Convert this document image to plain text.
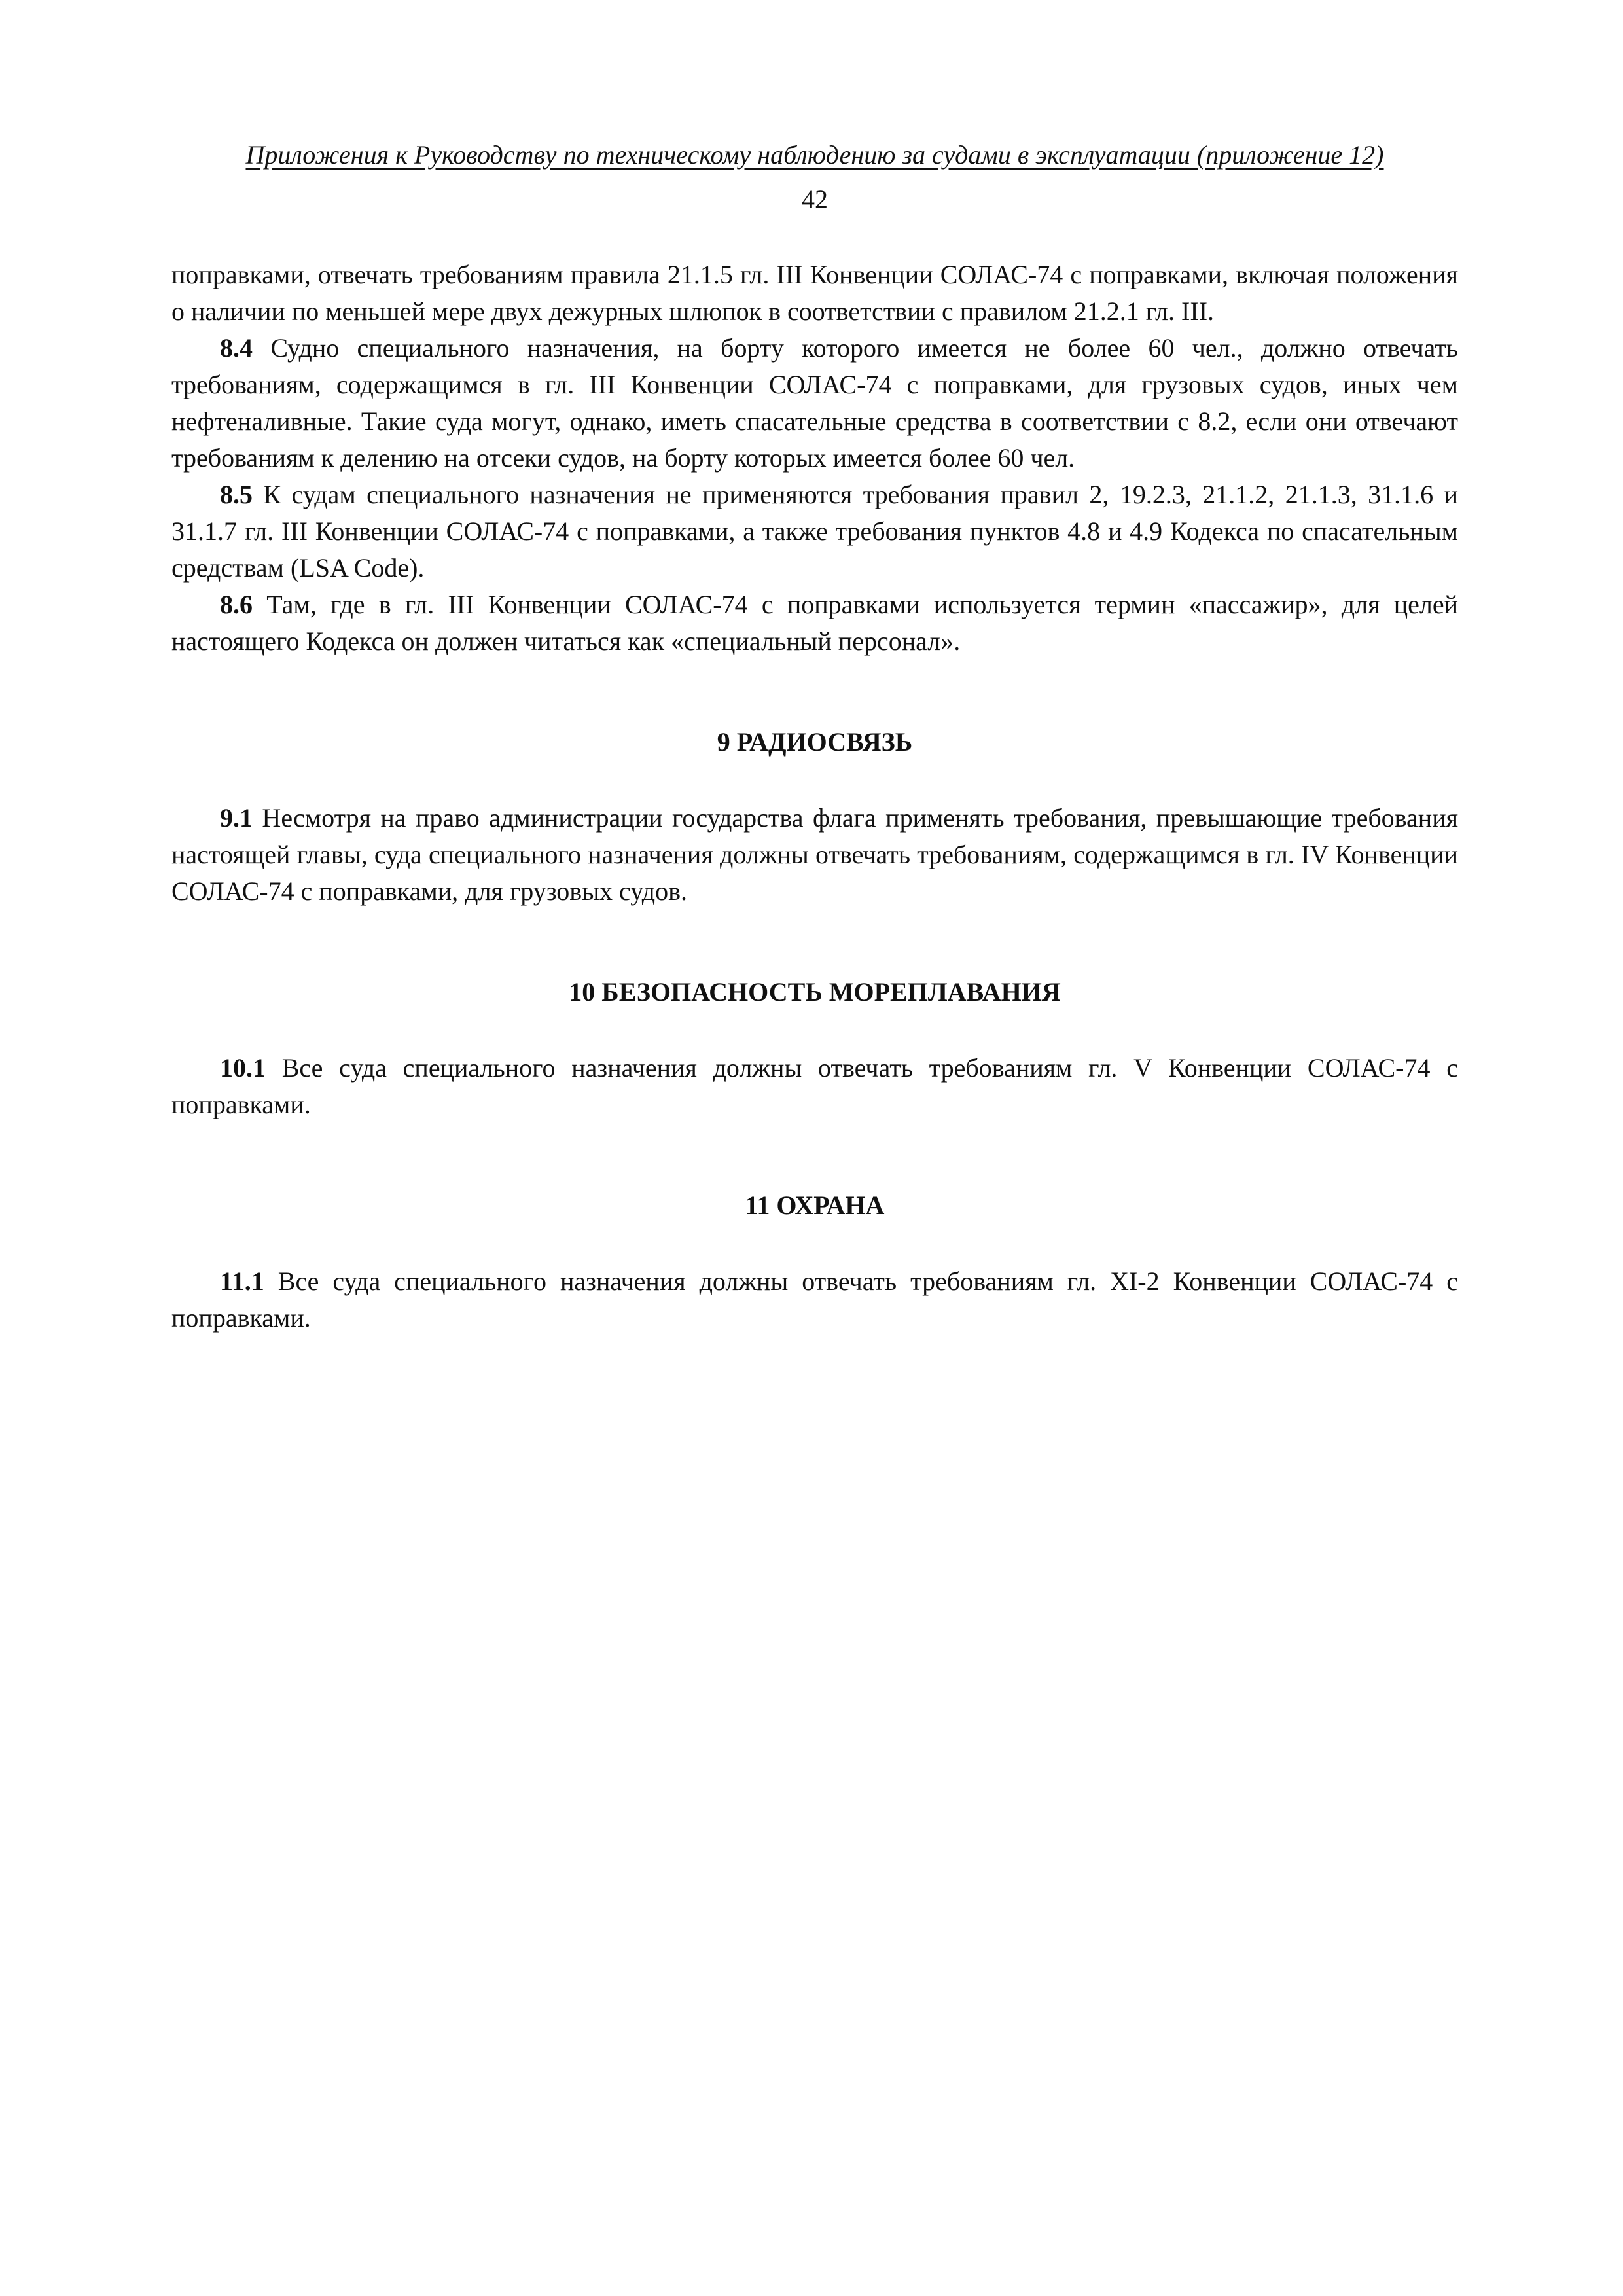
Приложения к Руководству по техническому наблюдению за судами в эксплуатации (приложение 12)
42

поправками, отвечать требованиям правила 21.1.5 гл. III Конвенции СОЛАС-74 с поправками, включая положения о наличии по меньшей мере двух дежурных шлюпок в соответствии с правилом 21.2.1 гл. III.

8.4 Судно специального назначения, на борту которого имеется не более 60 чел., должно отвечать требованиям, содержащимся в гл. III Конвенции СОЛАС-74 с поправками, для грузовых судов, иных чем нефтеналивные. Такие суда могут, однако, иметь спасательные средства в соответствии с 8.2, если они отвечают требованиям к делению на отсеки судов, на борту которых имеется более 60 чел.

8.5 К судам специального назначения не применяются требования правил 2, 19.2.3, 21.1.2, 21.1.3, 31.1.6 и 31.1.7 гл. III Конвенции СОЛАС-74 с поправками, а также требования пунктов 4.8 и 4.9 Кодекса по спасательным средствам (LSA Code).

8.6 Там, где в гл. III Конвенции СОЛАС-74 с поправками используется термин «пассажир», для целей настоящего Кодекса он должен читаться как «специальный персонал».

9 РАДИОСВЯЗЬ

9.1 Несмотря на право администрации государства флага применять требования, превышающие требования настоящей главы, суда специального назначения должны отвечать требованиям, содержащимся в гл. IV Конвенции СОЛАС-74 с поправками, для грузовых судов.

10 БЕЗОПАСНОСТЬ МОРЕПЛАВАНИЯ

10.1 Все суда специального назначения должны отвечать требованиям гл. V Конвенции СОЛАС-74 с поправками.

11 ОХРАНА

11.1 Все суда специального назначения должны отвечать требованиям гл. XI-2 Конвенции СОЛАС-74 с поправками.
